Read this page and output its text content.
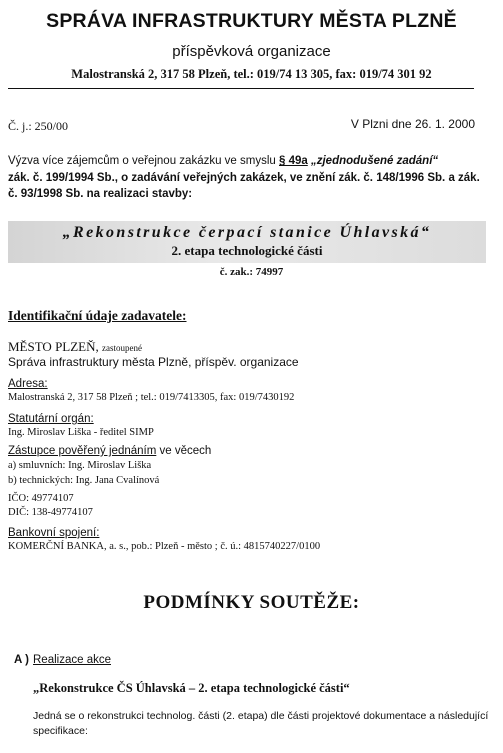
SPRÁVA INFRASTRUKTURY MĚSTA PLZNĚ
příspěvková organizace
Malostranská 2, 317 58 Plzeň, tel.: 019/74 13 305, fax: 019/74 301 92
Č. j.: 250/00	V Plzni dne 26. 1. 2000
Výzva více zájemcům o veřejnou zakázku ve smyslu § 49a „zjednodušené zadání“
zák. č. 199/1994 Sb., o zadávání veřejných zakázek, ve znění zák. č. 148/1996 Sb. a zák.
č. 93/1998 Sb. na realizaci stavby:
„Rekonstrukce čerpací stanice Úhlavská“
2. etapa technologické části
č. zak.: 74997
Identifikační údaje zadavatele:
MĚSTO PLZEŇ, zastoupené
Správa infrastruktury města Plzně, příspěv. organizace
Adresa:
Malostranská 2, 317 58 Plzeň ; tel.: 019/7413305, fax: 019/7430192
Statutární orgán:
Ing. Miroslav Liška - ředitel SIMP
Zástupce pověřený jednáním ve věcech
a) smluvních: Ing. Miroslav Liška
b) technických: Ing. Jana Cvalínová
IČO: 49774107
DIČ: 138-49774107
Bankovní spojení:
KOMERČNÍ BANKA, a. s., pob.: Plzeň - město ; č. ú.: 4815740227/0100
PODMÍNKY SOUTĚŽE:
A ) Realizace akce
„Rekonstrukce ČS Úhlavská – 2. etapa technologické části“
Jedná se o rekonstrukci technolog. části (2. etapa) dle části projektové dokumentace a následující
specifikace:
